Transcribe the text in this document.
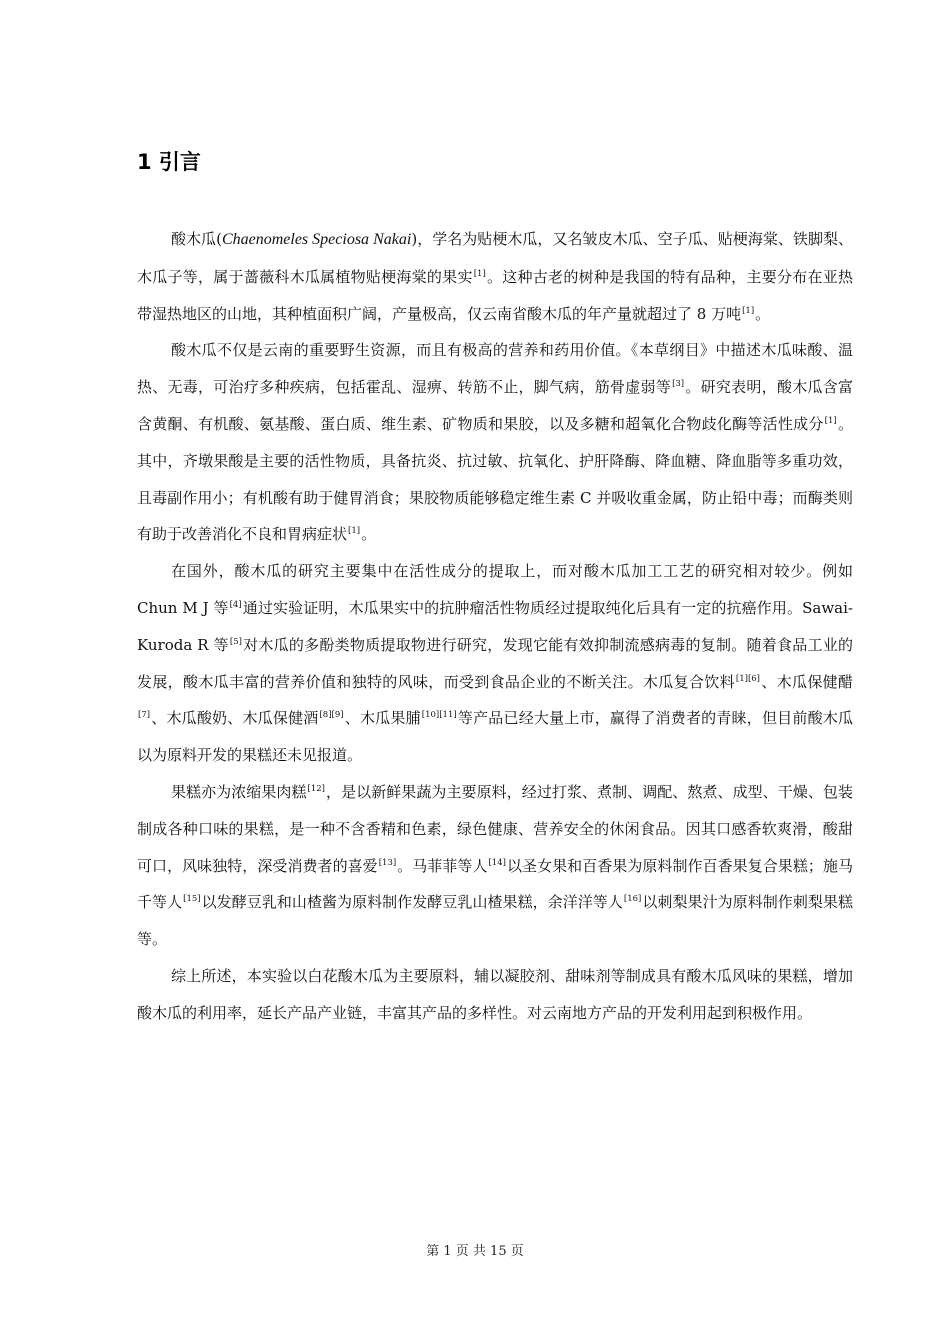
1 引言

酸木瓜(Chaenomeles Speciosa Nakai)，学名为贴梗木瓜，又名皱皮木瓜、空子瓜、贴梗海棠、铁脚梨、木瓜子等，属于蔷薇科木瓜属植物贴梗海棠的果实[1]。这种古老的树种是我国的特有品种，主要分布在亚热带湿热地区的山地，其种植面积广阔，产量极高，仅云南省酸木瓜的年产量就超过了 8 万吨[1]。

酸木瓜不仅是云南的重要野生资源，而且有极高的营养和药用价值。《本草纲目》中描述木瓜味酸、温热、无毒，可治疗多种疾病，包括霍乱、湿痹、转筋不止，脚气病，筋骨虚弱等[3]。研究表明，酸木瓜含富含黄酮、有机酸、氨基酸、蛋白质、维生素、矿物质和果胶，以及多糖和超氧化合物歧化酶等活性成分[1]。其中，齐墩果酸是主要的活性物质，具备抗炎、抗过敏、抗氧化、护肝降酶、降血糖、降血脂等多重功效，且毒副作用小；有机酸有助于健胃消食；果胶物质能够稳定维生素 C 并吸收重金属，防止铅中毒；而酶类则有助于改善消化不良和胃病症状[1]。

在国外，酸木瓜的研究主要集中在活性成分的提取上，而对酸木瓜加工工艺的研究相对较少。例如 Chun M J 等[4]通过实验证明，木瓜果实中的抗肿瘤活性物质经过提取纯化后具有一定的抗癌作用。Sawai-Kuroda R 等[5]对木瓜的多酚类物质提取物进行研究，发现它能有效抑制流感病毒的复制。随着食品工业的发展，酸木瓜丰富的营养价值和独特的风味，而受到食品企业的不断关注。木瓜复合饮料[1][6]、木瓜保健醋[7]、木瓜酸奶、木瓜保健酒[8][9]、木瓜果脯[10][11]等产品已经大量上市，赢得了消费者的青睐，但目前酸木瓜以为原料开发的果糕还未见报道。

果糕亦为浓缩果肉糕[12]，是以新鲜果蔬为主要原料，经过打浆、煮制、调配、熬煮、成型、干燥、包装制成各种口味的果糕，是一种不含香精和色素，绿色健康、营养安全的休闲食品。因其口感香软爽滑，酸甜可口，风味独特，深受消费者的喜爱[13]。马菲菲等人[14]以圣女果和百香果为原料制作百香果复合果糕；施马千等人[15]以发酵豆乳和山楂酱为原料制作发酵豆乳山楂果糕，余洋洋等人[16]以刺梨果汁为原料制作刺梨果糕等。

综上所述，本实验以白花酸木瓜为主要原料，辅以凝胶剂、甜味剂等制成具有酸木瓜风味的果糕，增加酸木瓜的利用率，延长产品产业链，丰富其产品的多样性。对云南地方产品的开发利用起到积极作用。

第 1 页 共 15 页
